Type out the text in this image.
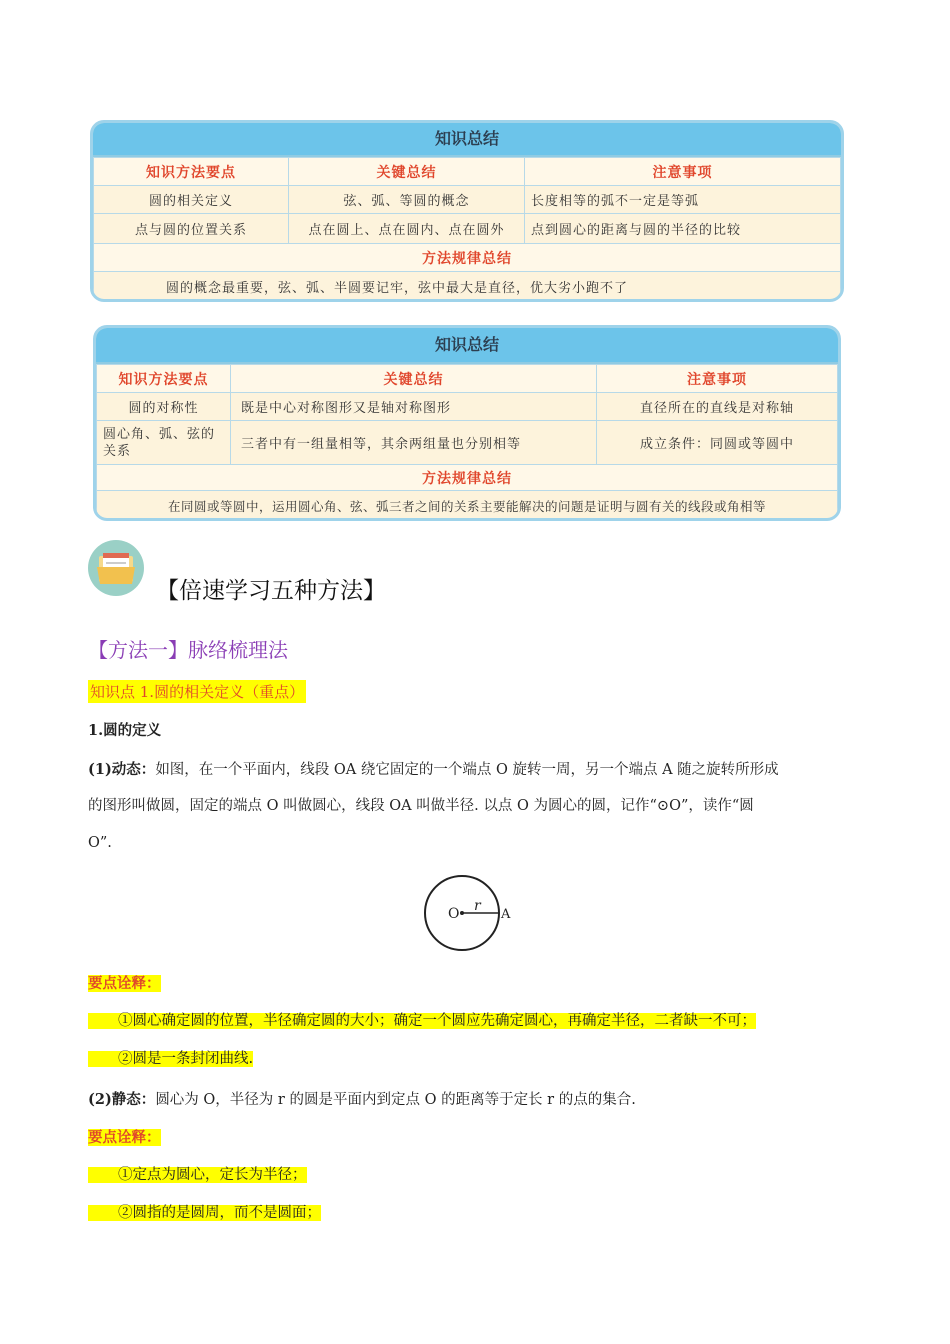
知识总结
知识方法要点	关键总结	注意事项
圆的相关定义	弦、弧、等圆的概念	长度相等的弧不一定是等弧
点与圆的位置关系	点在圆上、点在圆内、点在圆外	点到圆心的距离与圆的半径的比较
方法规律总结		
圆的概念最重要，弦、弧、半圆要记牢，弦中最大是直径，优大劣小跑不了		
知识总结
知识方法要点	关键总结	注意事项
圆的对称性	既是中心对称图形又是轴对称图形	直径所在的直线是对称轴
圆心角、弧、弦的关系	三者中有一组量相等，其余两组量也分别相等	成立条件：同圆或等圆中
方法规律总结		
在同圆或等圆中，运用圆心角、弦、弧三者之间的关系主要能解决的问题是证明与圆有关的线段或角相等		
【倍速学习五种方法】
【方法一】脉络梳理法
知识点 1.圆的相关定义（重点）
1.圆的定义
(1)动态：如图，在一个平面内，线段 OA 绕它固定的一个端点 O 旋转一周，另一个端点 A 随之旋转所形成
的图形叫做圆，固定的端点 O 叫做圆心，线段 OA 叫做半径. 以点 O 为圆心的圆，记作“⊙O”，读作“圆
O”.
O r
A
要点诠释：
①圆心确定圆的位置，半径确定圆的大小；确定一个圆应先确定圆心，再确定半径，二者缺一不可；
②圆是一条封闭曲线.
(2)静态：圆心为 O，半径为 r 的圆是平面内到定点 O 的距离等于定长 r 的点的集合.
要点诠释：
①定点为圆心，定长为半径；
②圆指的是圆周，而不是圆面；
